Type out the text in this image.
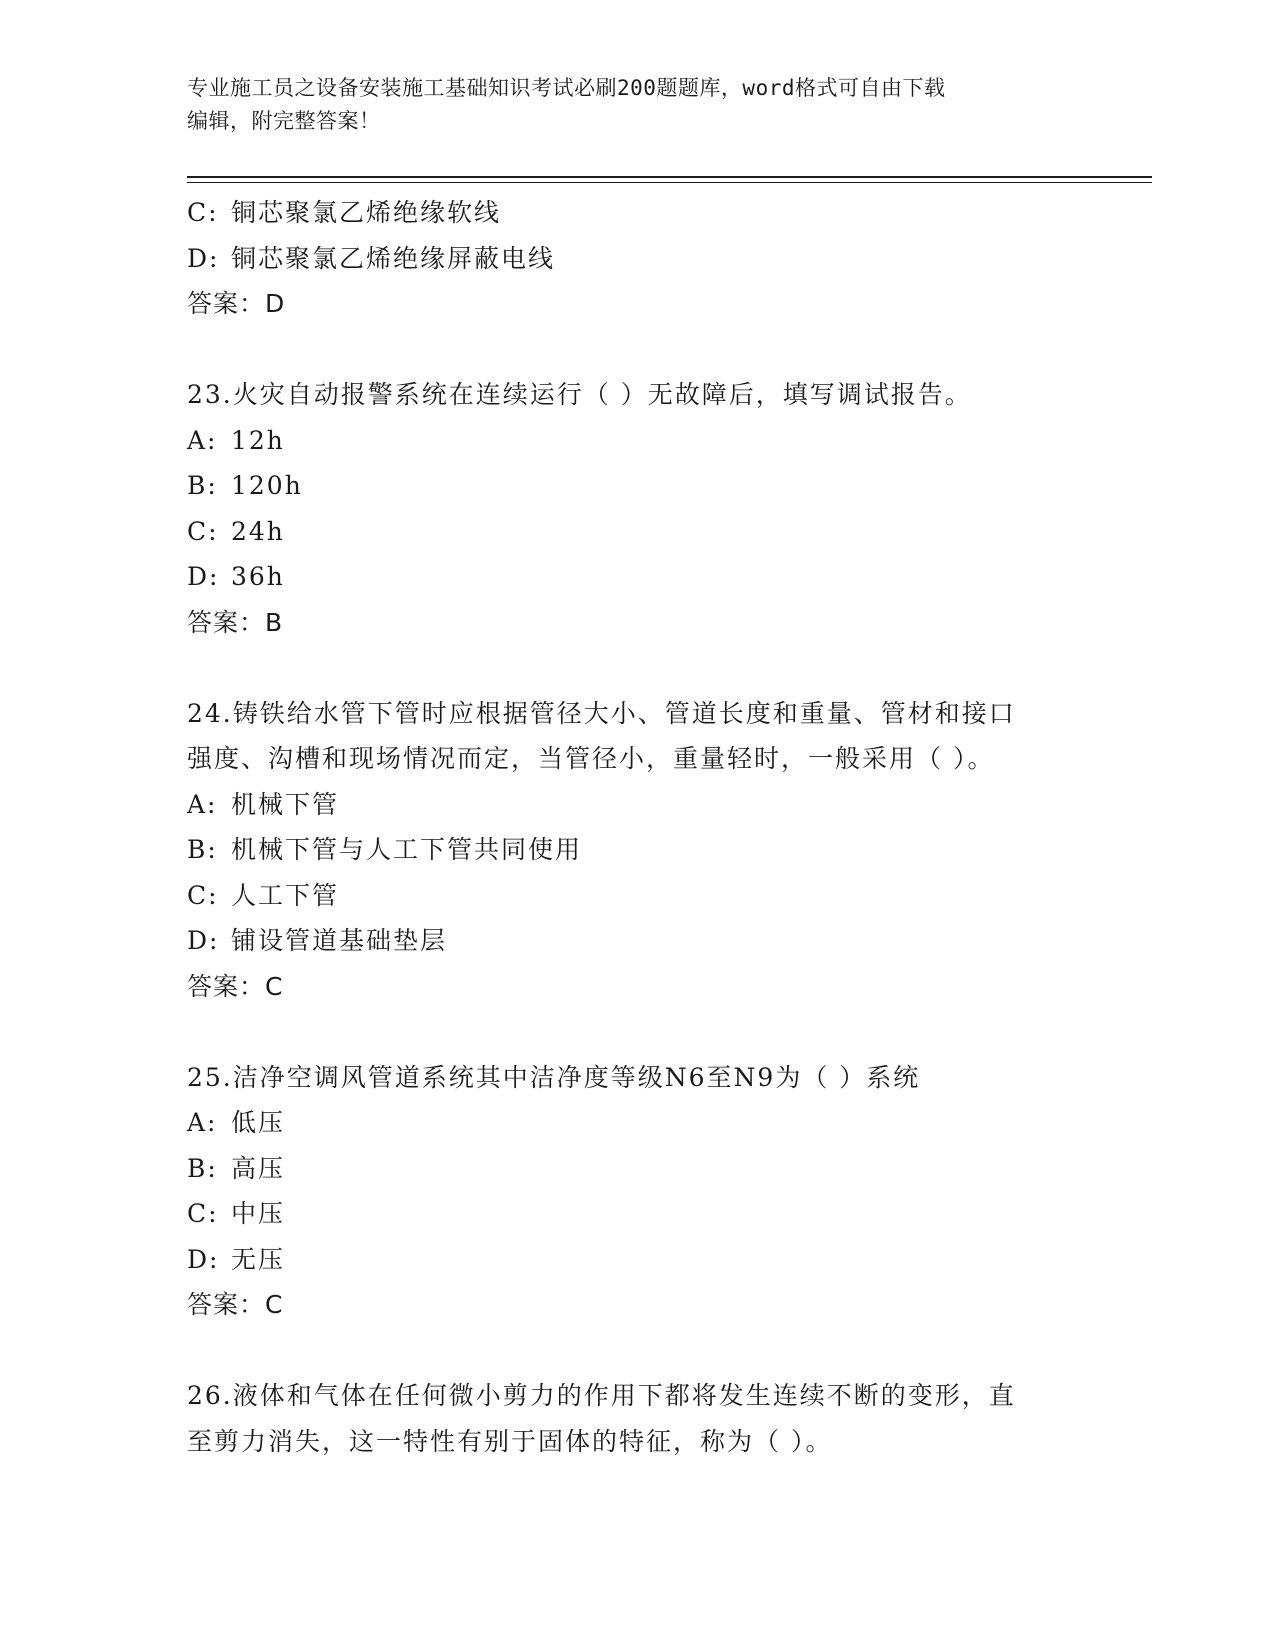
专业施工员之设备安装施工基础知识考试必刷200题题库，word格式可自由下载
编辑，附完整答案！
C: 铜芯聚氯乙烯绝缘软线
D: 铜芯聚氯乙烯绝缘屏蔽电线
答案：D
23.火灾自动报警系统在连续运行（ ）无故障后，填写调试报告。
A: 12h
B: 120h
C: 24h
D: 36h
答案：B
24.铸铁给水管下管时应根据管径大小、管道长度和重量、管材和接口
强度、沟槽和现场情况而定，当管径小，重量轻时，一般采用（ ）。
A: 机械下管
B: 机械下管与人工下管共同使用
C: 人工下管
D: 铺设管道基础垫层
答案：C
25.洁净空调风管道系统其中洁净度等级N6至N9为（ ）系统
A: 低压
B: 高压
C: 中压
D: 无压
答案：C
26.液体和气体在任何微小剪力的作用下都将发生连续不断的变形，直
至剪力消失，这一特性有别于固体的特征，称为（ ）。
